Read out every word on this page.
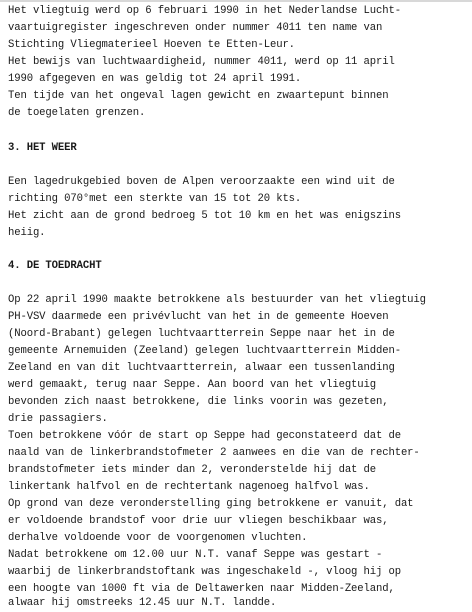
Het vliegtuig werd op 6 februari 1990 in het Nederlandse Lucht-
vaartuigregister ingeschreven onder nummer 4011 ten name van
Stichting Vliegmaterieel Hoeven te Etten-Leur.
Het bewijs van luchtwaardigheid, nummer 4011, werd op 11 april
1990 afgegeven en was geldig tot 24 april 1991.
Ten tijde van het ongeval lagen gewicht en zwaartepunt binnen
de toegelaten grenzen.
3. HET WEER
Een lagedrukgebied boven de Alpen veroorzaakte een wind uit de
richting 070°met een sterkte van 15 tot 20 kts.
Het zicht aan de grond bedroeg 5 tot 10 km en het was enigszins
heiig.
4. DE TOEDRACHT
Op 22 april 1990 maakte betrokkene als bestuurder van het vliegtuig
PH-VSV daarmede een privévlucht van het in de gemeente Hoeven
(Noord-Brabant) gelegen luchtvaartterrein Seppe naar het in de
gemeente Arnemuiden (Zeeland) gelegen luchtvaartterrein Midden-
Zeeland en van dit luchtvaartterrein, alwaar een tussenlanding
werd gemaakt, terug naar Seppe. Aan boord van het vliegtuig
bevonden zich naast betrokkene, die links voorin was gezeten,
drie passagiers.
Toen betrokkene vóór de start op Seppe had geconstateerd dat de
naald van de linkerbrandstofmeter 2 aanwees en die van de rechter-
brandstofmeter iets minder dan 2, veronderstelde hij dat de
linkertank halfvol en de rechtertank nagenoeg halfvol was.
Op grond van deze veronderstelling ging betrokkene er vanuit, dat
er voldoende brandstof voor drie uur vliegen beschikbaar was,
derhalve voldoende voor de voorgenomen vluchten.
Nadat betrokkene om 12.00 uur N.T. vanaf Seppe was gestart -
waarbij de linkerbrandstoftank was ingeschakeld -, vloog hij op
een hoogte van 1000 ft via de Deltawerken naar Midden-Zeeland,
alwaar hij omstreeks 12.45 uur N.T. landde.
